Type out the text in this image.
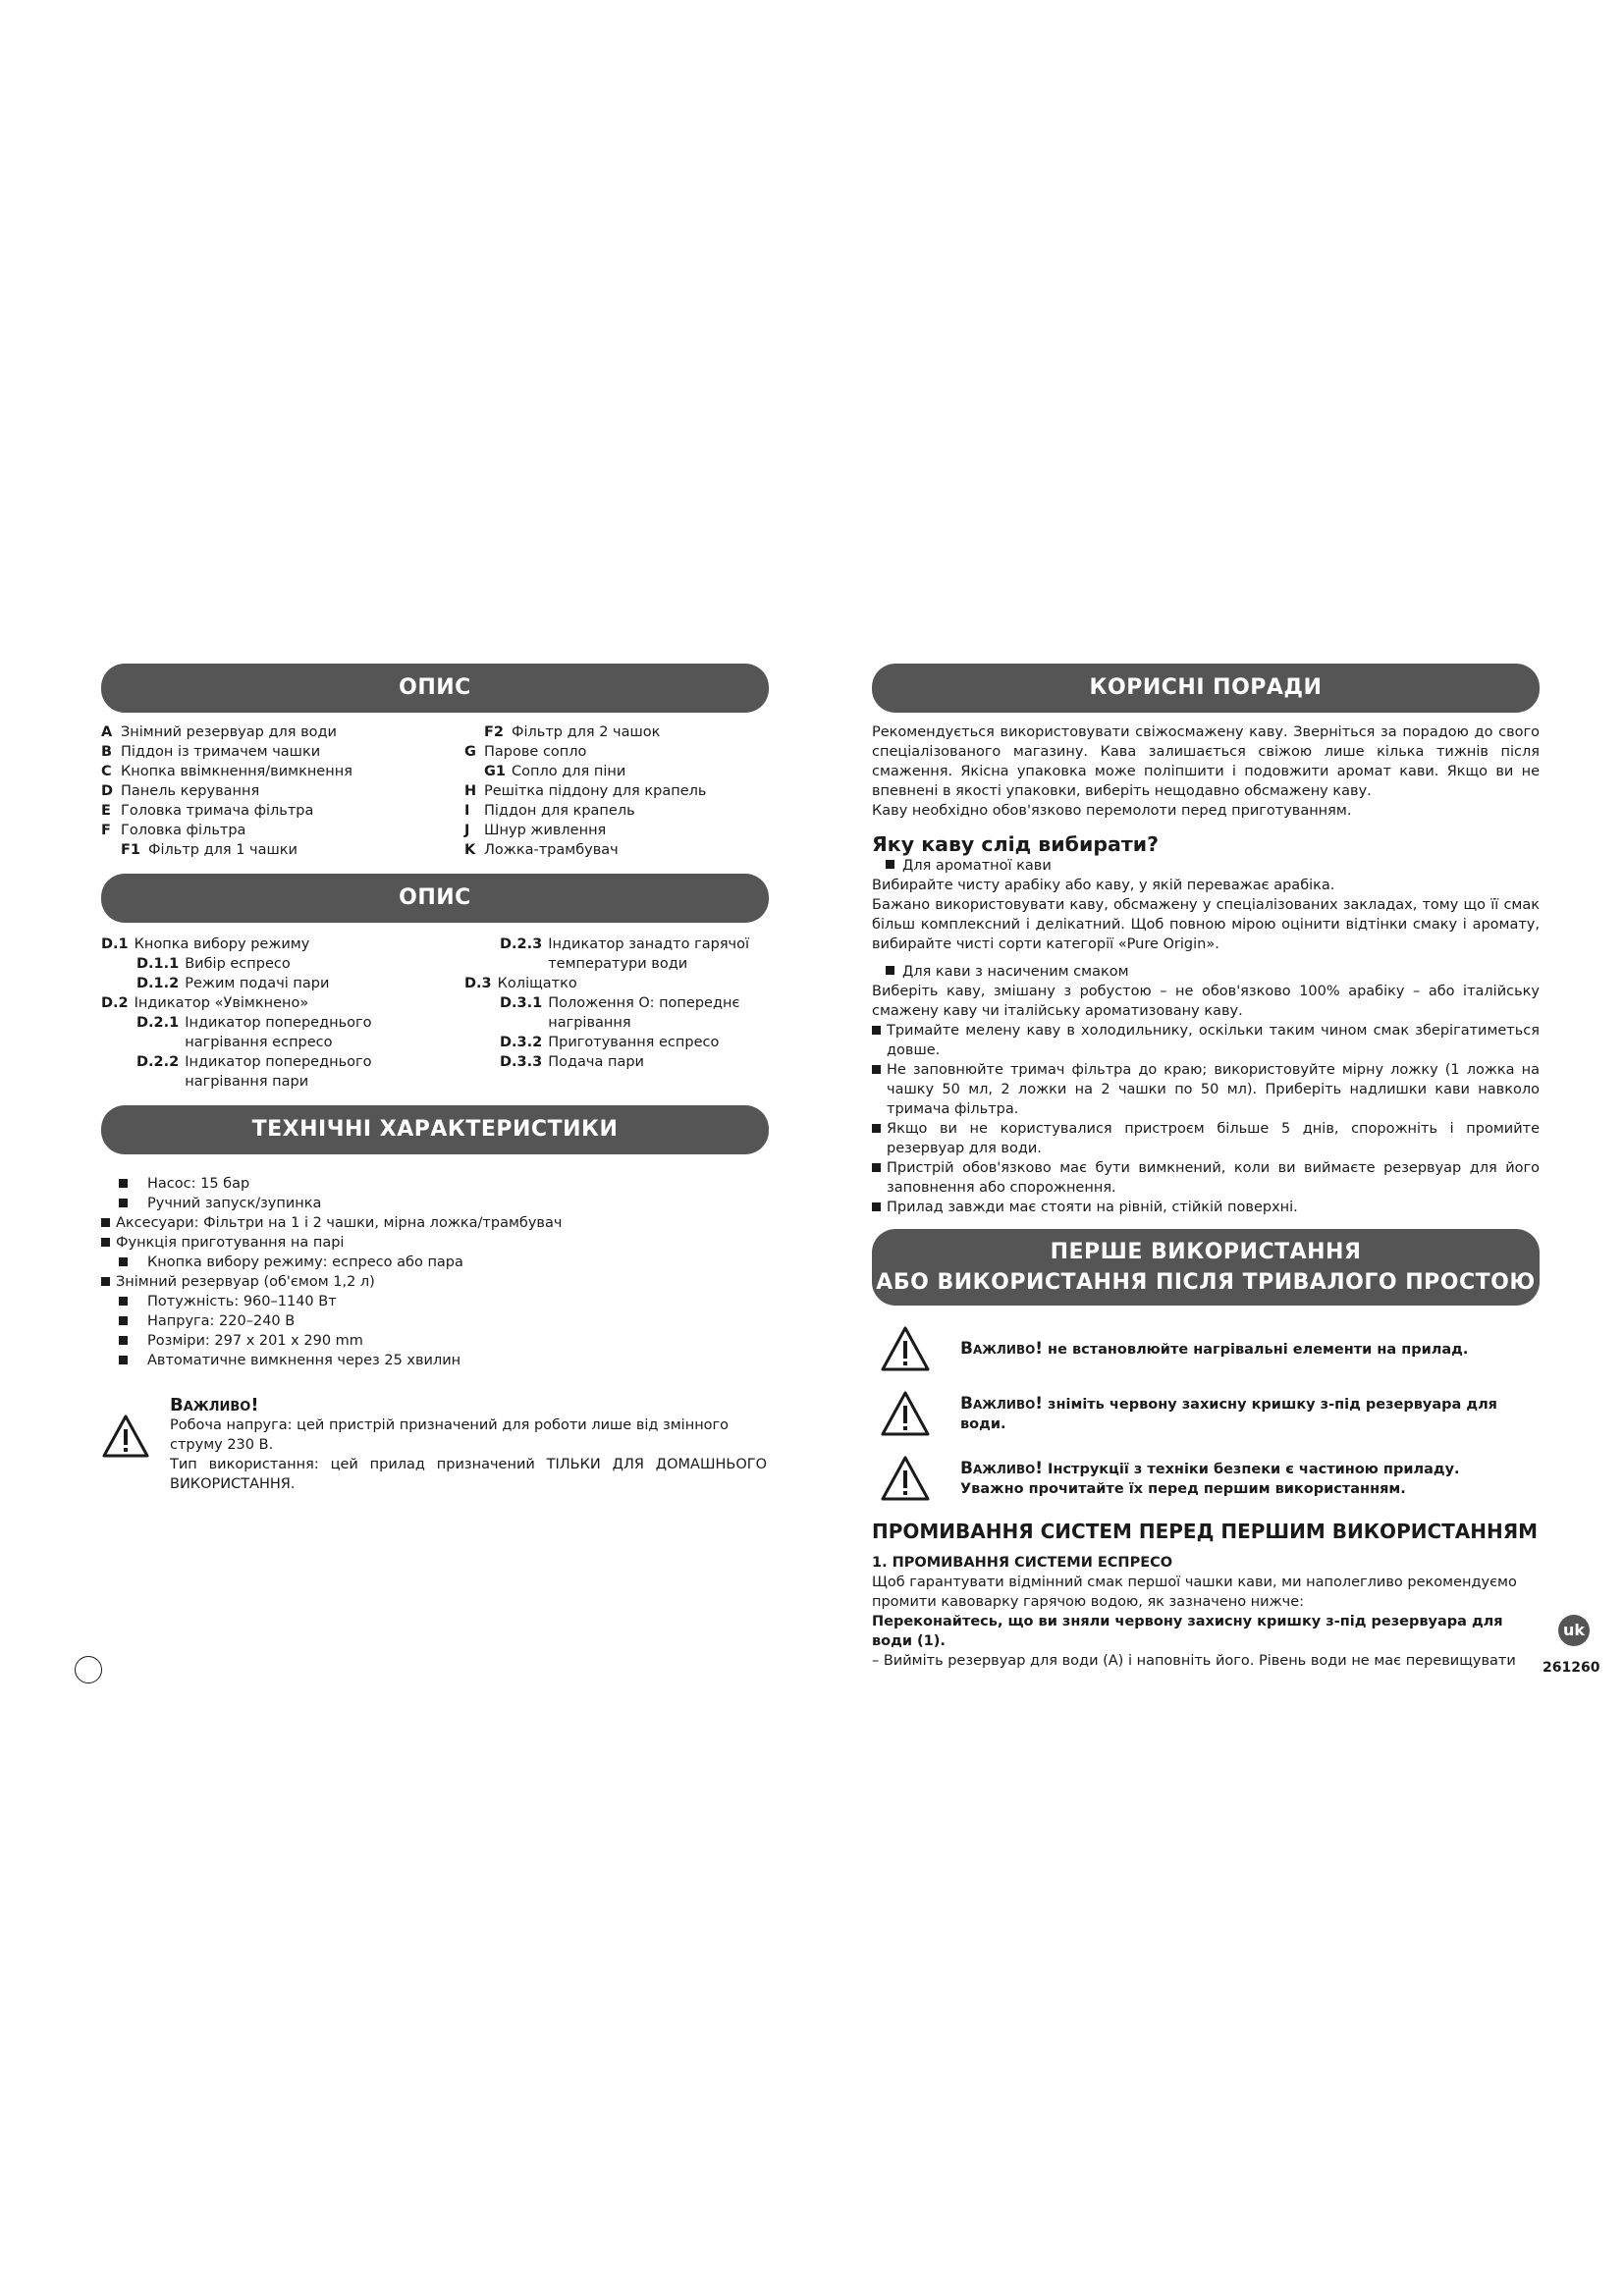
ОПИС
A Знімний резервуар для води
B Піддон із тримачем чашки
C Кнопка ввімкнення/вимкнення
D Панель керування
E Головка тримача фільтра
F Головка фільтра
F1 Фільтр для 1 чашки
F2 Фільтр для 2 чашок
G Парове сопло
G1 Сопло для піни
H Решітка піддону для крапель
I	Піддон для крапель
J	Шнур живлення
K Ложка-трамбувач
ОПИС
D.1 Кнопка вибору режиму
D.1.1 Вибір еспресо
D.1.2 Режим подачі пари
D.2 Індикатор «Увімкнено»
D.2.1 Індикатор попереднього нагрівання еспресо
D.2.2 Індикатор попереднього нагрівання пари
D.2.3 Індикатор занадто гарячої температури води
D.3 Коліщатко
D.3.1 Положення O: попереднє нагрівання
D.3.2 Приготування еспресо
D.3.3 Подача пари
ТЕХНІЧНІ ХАРАКТЕРИСТИКИ
Насос: 15 бар
Ручний запуск/зупинка
Аксесуари: Фільтри на 1 і 2 чашки, мірна ложка/трамбувач
Функція приготування на парі
Кнопка вибору режиму: еспресо або пара
Знімний резервуар (об'ємом 1,2 л)
Потужність: 960–1140 Вт
Напруга: 220–240 В
Розміри: 297 x 201 x 290 mm
Автоматичне вимкнення через 25 хвилин
Важливо!
Робоча напруга: цей пристрій призначений для роботи лише від змінного струму 230 В.
Тип використання: цей прилад призначений ТІЛЬКИ ДЛЯ ДОМАШНЬОГО ВИКОРИСТАННЯ.
КОРИСНІ ПОРАДИ
Рекомендується використовувати свіжосмажену каву. Зверніться за порадою до свого спеціалізованого магазину. Кава залишається свіжою лише кілька тижнів після смаження. Якісна упаковка може поліпшити і подовжити аромат кави. Якщо ви не впевнені в якості упаковки, виберіть нещодавно обсмажену каву.
Каву необхідно обов'язково перемолоти перед приготуванням.
Яку каву слід вибирати?
Для ароматної кави
Вибирайте чисту арабіку або каву, у якій переважає арабіка.
Бажано використовувати каву, обсмажену у спеціалізованих закладах, тому що її смак більш комплексний і делікатний. Щоб повною мірою оцінити відтінки смаку і аромату, вибирайте чисті сорти категорії «Pure Origin».
Для кави з насиченим смаком
Виберіть каву, змішану з робустою – не обов'язково 100% арабіку – або італійську смажену каву чи італійську ароматизовану каву.
Тримайте мелену каву в холодильнику, оскільки таким чином смак зберігатиметься довше.
Не заповнюйте тримач фільтра до краю; використовуйте мірну ложку (1 ложка на чашку 50 мл, 2 ложки на 2 чашки по 50 мл). Приберіть надлишки кави навколо тримача фільтра.
Якщо ви не користувалися пристроєм більше 5 днів, спорожніть і промийте резервуар для води.
Пристрій обов'язково має бути вимкнений, коли ви виймаєте резервуар для його заповнення або спорожнення.
Прилад завжди має стояти на рівній, стійкій поверхні.
ПЕРШЕ ВИКОРИСТАННЯ
АБО ВИКОРИСТАННЯ ПІСЛЯ ТРИВАЛОГО ПРОСТОЮ
Важливо! не встановлюйте нагрівальні елементи на прилад.
Важливо! зніміть червону захисну кришку з-під резервуара для води.
Важливо! Інструкції з техніки безпеки є частиною приладу.
Уважно прочитайте їх перед першим використанням.
ПРОМИВАННЯ СИСТЕМ ПЕРЕД ПЕРШИМ ВИКОРИСТАННЯМ
1. ПРОМИВАННЯ СИСТЕМИ ЕСПРЕСО
Щоб гарантувати відмінний смак першої чашки кави, ми наполегливо рекомендуємо промити кавоварку гарячою водою, як зазначено нижче:
Переконайтесь, що ви зняли червону захисну кришку з-під резервуара для води (1).
– Вийміть резервуар для води (A) і наповніть його. Рівень води не має перевищувати
uk
261260
